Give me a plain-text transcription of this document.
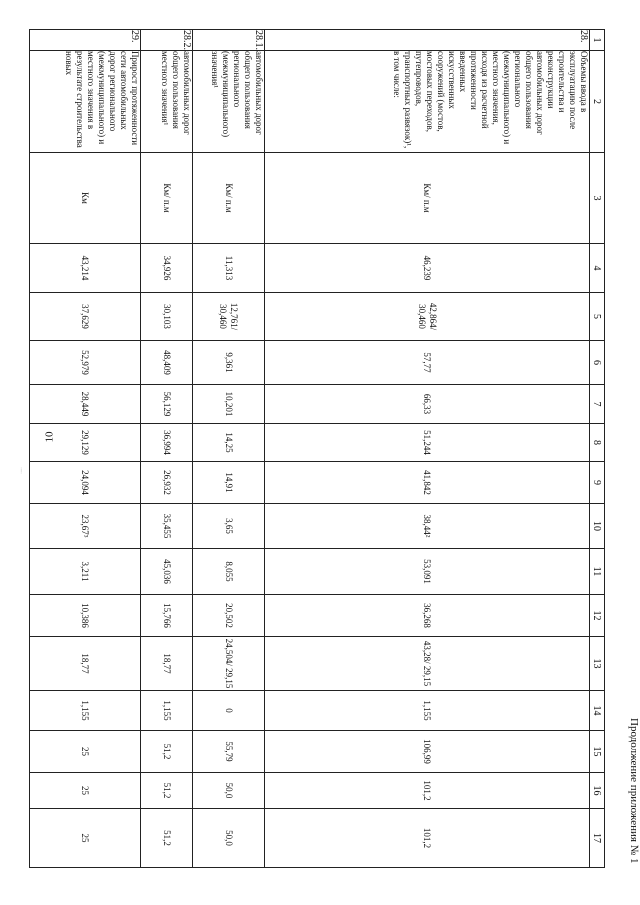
10
.....
Продолжение приложения № 1
1	2	3	4	5	6	7	8	9	10	11	12	13	14	15	16	17
28.	Объемы ввода в эксплуатацию после строительства и реконструкции автомобильных дорог общего пользования регионального (межмуниципального) и местного значения, исходя из расчетной протяженности введенных искусственных сооружений (мостов, мостовых переходов, путепроводов, транспортных развязок)¹, в том числе:	Км/ п.м	46,239	42,864/ 30,460	57,77	66,33	51,244	41,842	38,44²	53,091	36,268	43,28/ 29,15	1,155	106,99	101,2	101,2
28.1.	автомобильных дорог общего пользования регионального (межмуниципального) значения¹	Км/ п.м	11,313	12,761/ 30,460	9,361	10,201	14,25	14,91	3,65	8,055	20,502	24,504/ 29,15	0	55,79	50,0	50,0
28.2.	автомобильных дорог общего пользования местного значения¹	Км/ п.м	34,926	30,103	48,409	56,129	36,994	26,932	35,455	45,036	15,766	18,77	1,155	51,2	51,2	51,2
29.	Прирост протяженности сети автомобильных дорог регионального (межмуниципального) и местного значения в результате строительства новых	Км	43,214	37,629	52,979	28,449	29,129	24,094	23,67³	3,211	10,386	18,77	1,155	25	25	25
